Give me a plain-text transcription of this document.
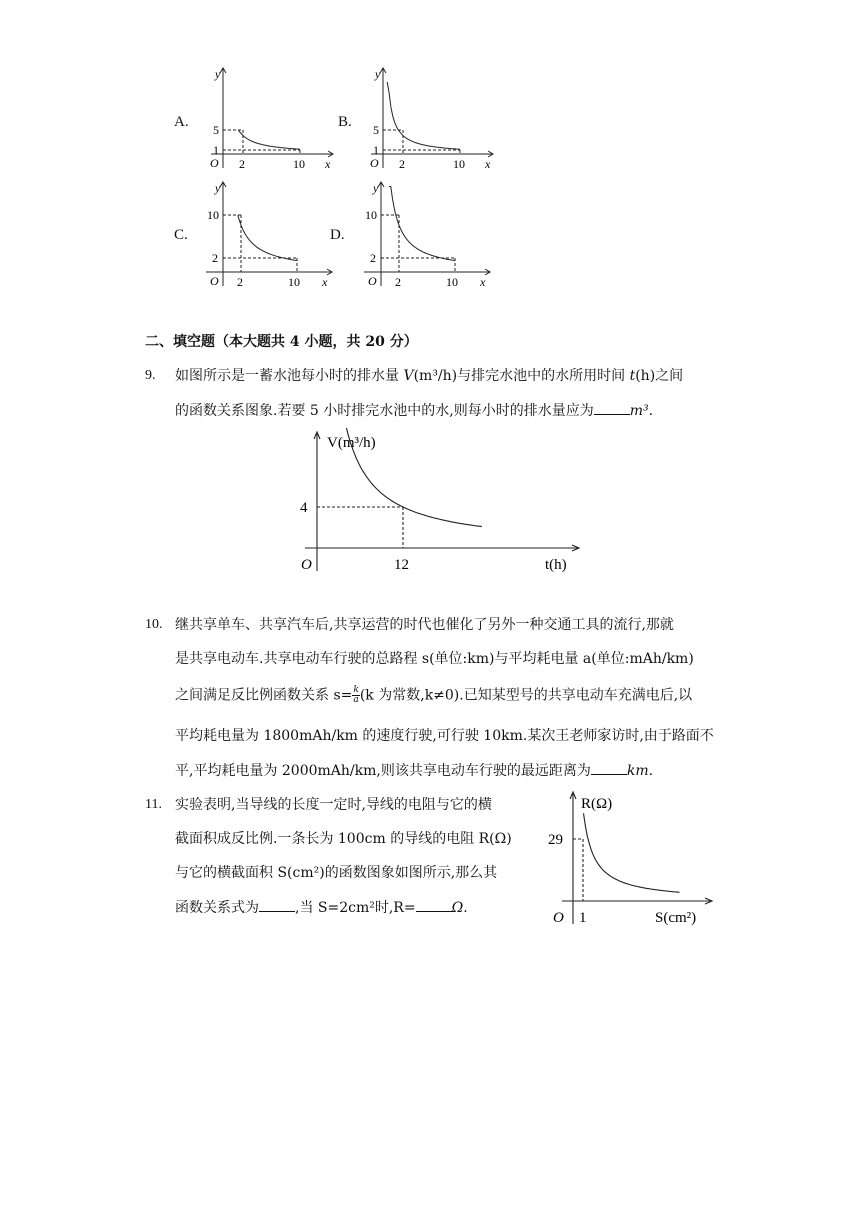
A.
y
x
O
5
1
2	10
B.
y
x
O
5
1
2	10
C.
y
x
O
10
2
2	10
D.
y
x
O
10
2
2	10
二、填空题（本大题共 4 小题，共 20 分）
9. 如图所示是一蓄水池每小时的排水量 V(m³/h)与排完水池中的水所用时间 t(h)之间
的函数关系图象.若要 5 小时排完水池中的水,则每小时的排水量应为	m³.
V(m³/h)
t(h)
4
12
O
10. 继共享单车、共享汽车后,共享运营的时代也催化了另外一种交通工具的流行,那就
是共享电动车.共享电动车行驶的总路程 s(单位:km)与平均耗电量 a(单位:mAh/km)
之间满足反比例函数关系 $s= \frac{k}{a} (k$ 为常数,k≠0).已知某型号的共享电动车充满电后,以
平均耗电量为 1800mAh/km 的速度行驶,可行驶 10km.某次王老师家访时,由于路面不
平,平均耗电量为 2000mAh/km,则该共享电动车行驶的最远距离为	km.
11. 实验表明,当导线的长度一定时,导线的电阻与它的横
截面积成反比例.一条长为 100cm 的导线的电阻 R(Ω)
与它的横截面积 S(cm²)的函数图象如图所示,那么其
函数关系式为	,当 S=2cm²时,R=	Ω.
R(Ω)
S(cm²)
29
1
O
